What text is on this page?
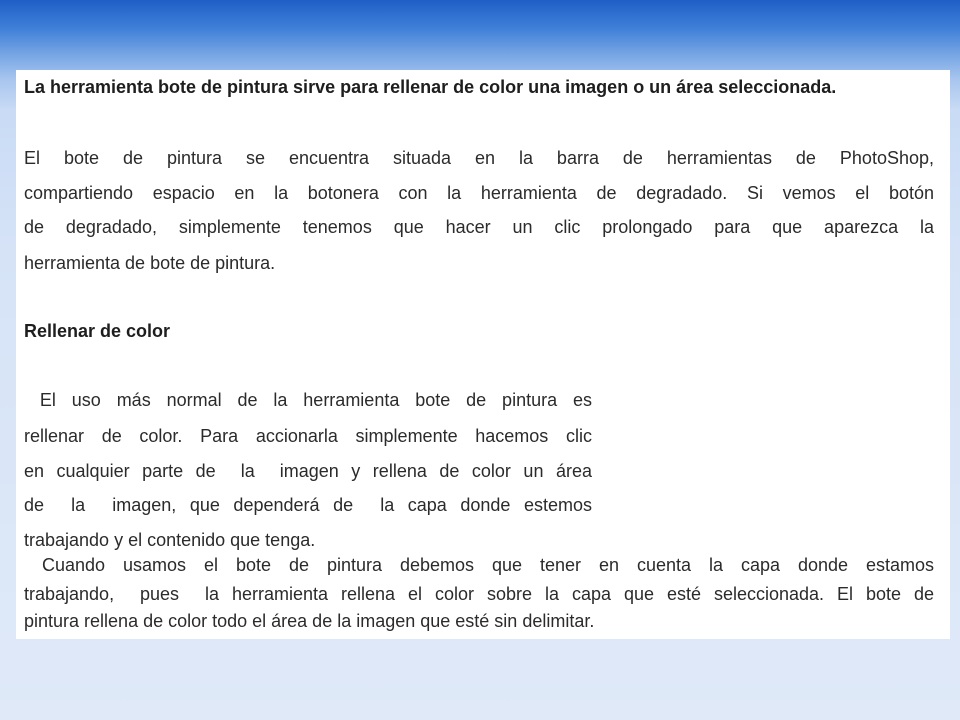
La herramienta bote de pintura sirve para rellenar de color una imagen o un área seleccionada.

El bote de pintura se encuentra situada en la barra de herramientas de PhotoShop,

compartiendo espacio en la botonera con la herramienta de degradado. Si vemos el botón

de degradado, simplemente tenemos que hacer un clic prolongado para que aparezca la

herramienta de bote de pintura.

Rellenar de color

El uso más normal de la herramienta bote de pintura es

rellenar de color. Para accionarla simplemente hacemos clic

en cualquier parte de  la  imagen y rellena de color un área

de  la  imagen, que dependerá de  la capa donde estemos

trabajando y el contenido que tenga.

Cuando usamos el bote de pintura debemos que tener en cuenta la capa donde estamos

trabajando,  pues  la herramienta rellena el color sobre la capa que esté seleccionada. El bote de

pintura rellena de color todo el área de la imagen que esté sin delimitar.
